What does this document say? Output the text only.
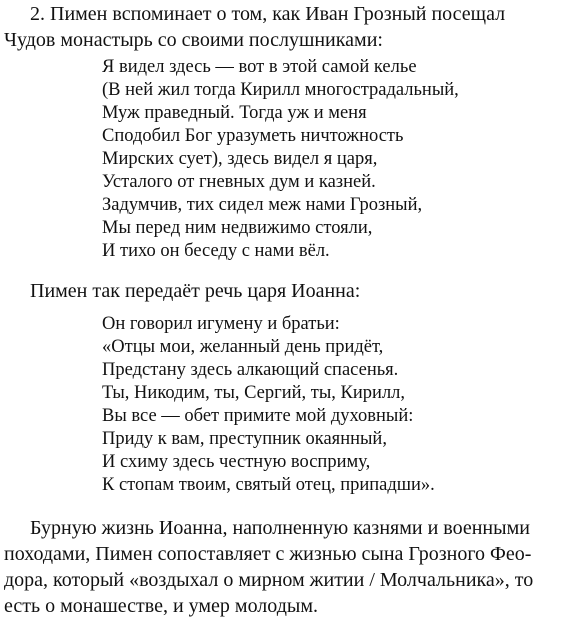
2. Пимен вспоминает о том, как Иван Грозный посещал
Чудов монастырь со своими послушниками:
Я видел здесь — вот в этой самой келье
(В ней жил тогда Кирилл многострадальный,
Муж праведный. Тогда уж и меня
Сподобил Бог уразуметь ничтожность
Мирских сует), здесь видел я царя,
Усталого от гневных дум и казней.
Задумчив, тих сидел меж нами Грозный,
Мы перед ним недвижимо стояли,
И тихо он беседу с нами вёл.
Пимен так передаёт речь царя Иоанна:
Он говорил игумену и братьи:
«Отцы мои, желанный день придёт,
Предстану здесь алкающий спасенья.
Ты, Никодим, ты, Сергий, ты, Кирилл,
Вы все — обет примите мой духовный:
Приду к вам, преступник окаянный,
И схиму здесь честную восприму,
К стопам твоим, святый отец, припадши».
Бурную жизнь Иоанна, наполненную казнями и военными
походами, Пимен сопоставляет с жизнью сына Грозного Фео-
дора, который «воздыхал о мирном житии / Молчальника», то
есть о монашестве, и умер молодым.
